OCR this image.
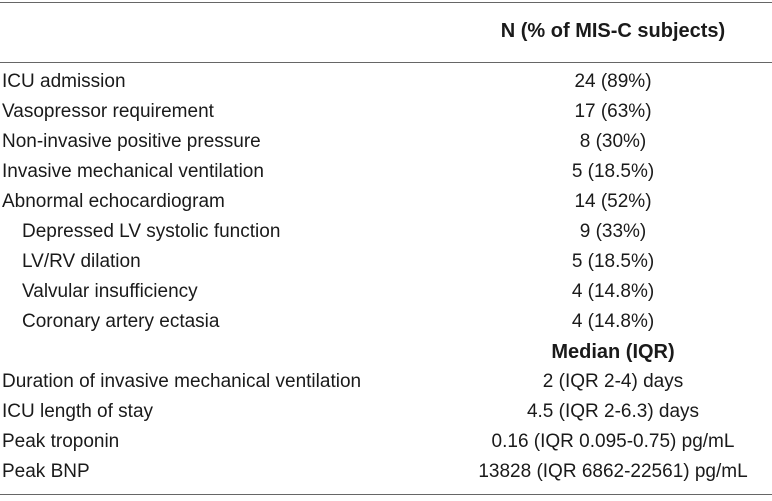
N (% of MIS-C subjects)
ICU admission	24 (89%)
Vasopressor requirement	17 (63%)
Non-invasive positive pressure	8 (30%)
Invasive mechanical ventilation	5 (18.5%)
Abnormal echocardiogram	14 (52%)
Depressed LV systolic function	9 (33%)
LV/RV dilation	5 (18.5%)
Valvular insufficiency	4 (14.8%)
Coronary artery ectasia	4 (14.8%)
Median (IQR)
Duration of invasive mechanical ventilation	2 (IQR 2-4) days
ICU length of stay	4.5 (IQR 2-6.3) days
Peak troponin	0.16 (IQR 0.095-0.75) pg/mL
Peak BNP	13828 (IQR 6862-22561) pg/mL
